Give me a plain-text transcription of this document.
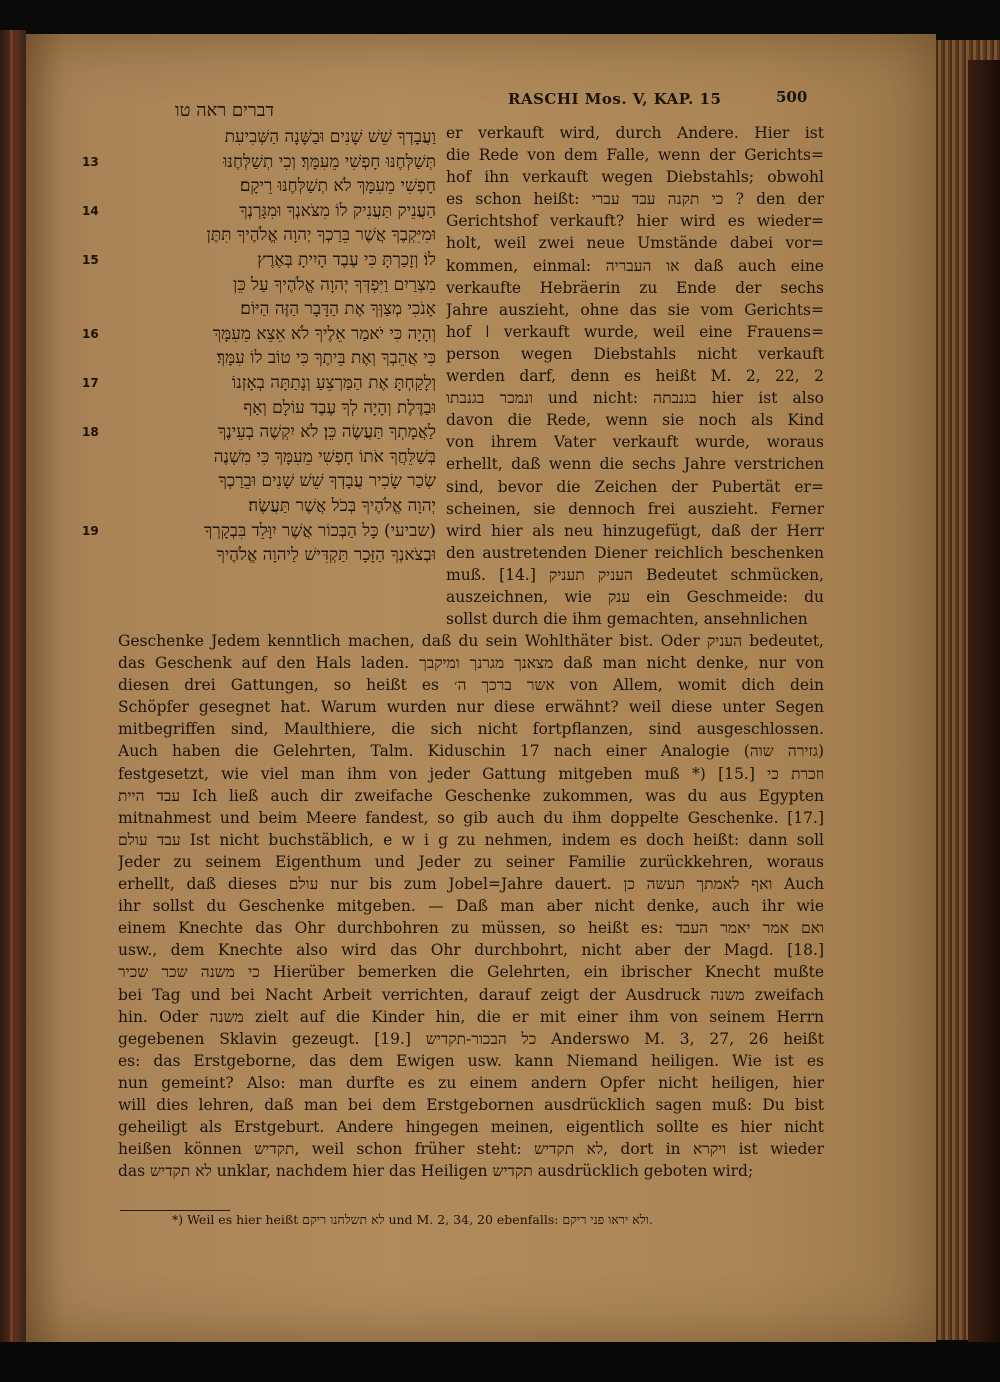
דברים ראה טו
RASCHI Mos. V, KAP. 15	500
13
14
15
16
17
18
19
וַעֲבָדְךָ שֵׁשׁ שָׁנִים וּבַשָּׁנָה הַשְּׁבִיעִת
תְּשַׁלְּחֶנּוּ חָפְשִׁי מֵעִמָּךְ׃ וְכִי תְשַׁלְּחֶנּוּ
חָפְשִׁי מֵעִמָּךְ לֹא תְשַׁלְּחֶנּוּ רֵיקָם׃
הַעֲנֵיק תַּעֲנִיק לוֹ מִצֹּאנְךָ וּמִגָּרְנְךָ
וּמִיִּקְבֶךָ אֲשֶׁר בֵּרַכְךָ יְהוָה אֱלֹהֶיךָ תִּתֶּן
לוֹ׃ וְזָכַרְתָּ כִּי עֶבֶד הָיִיתָ בְּאֶרֶץ
מִצְרַיִם וַיִּפְדְּךָ יְהוָה אֱלֹהֶיךָ עַל כֵּן
אָנֹכִי מְצַוְּךָ אֶת הַדָּבָר הַזֶּה הַיּוֹם׃
וְהָיָה כִּי יֹאמַר אֵלֶיךָ לֹא אֵצֵא מֵעִמָּךְ
כִּי אֲהֵבְךָ וְאֶת בֵּיתֶךָ כִּי טוֹב לוֹ עִמָּךְ׃
וְלָקַחְתָּ אֶת הַמַּרְצֵעַ וְנָתַתָּה בְאָזְנוֹ
וּבַדֶּלֶת וְהָיָה לְךָ עֶבֶד עוֹלָם וְאַף
לַאֲמָתְךָ תַּעֲשֶׂה כֵּן׃ לֹא יִקְשֶׁה בְעֵינֶךָ
בְּשַׁלֵּחֲךָ אֹתוֹ חָפְשִׁי מֵעִמָּךְ כִּי מִשְׁנֶה
שְׂכַר שָׂכִיר עֲבָדְךָ שֵׁשׁ שָׁנִים וּבֵרַכְךָ
יְהוָה אֱלֹהֶיךָ בְּכֹל אֲשֶׁר תַּעֲשֶׂה׃
(שביעי) כָּל הַבְּכוֹר אֲשֶׁר יִוָּלֵד בִּבְקָרְךָ
וּבְצֹאנְךָ הַזָּכָר תַּקְדִּישׁ לַיהוָה אֱלֹהֶיךָ
er verkauft wird, durch Andere. Hier ist
die Rede von dem Falle, wenn der Gerichts=
hof ihn verkauft wegen Diebstahls; obwohl
es schon heißt: כי תקנה עבד עברי ? den der
Gerichtshof verkauft? hier wird es wieder=
holt, weil zwei neue Umstände dabei vor=
kommen, einmal: או העבריה daß auch eine
verkaufte Hebräerin zu Ende der sechs
Jahre auszieht, ohne das sie vom Gerichts=
hof ǀ verkauft wurde, weil eine Frauens=
person wegen Diebstahls nicht verkauft
werden darf, denn es heißt M. 2, 22, 2
ונמכר בגנבתו und nicht: בגנבתה hier ist also
davon die Rede, wenn sie noch als Kind
von ihrem Vater verkauft wurde, woraus
erhellt, daß wenn die sechs Jahre verstrichen
sind, bevor die Zeichen der Pubertät er=
scheinen, sie dennoch frei auszieht. Ferner
wird hier als neu hinzugefügt, daß der Herr
den austretenden Diener reichlich beschenken
muß. [14.] העניק תעניק Bedeutet schmücken,
auszeichnen, wie ענק ein Geschmeide: du
sollst durch die ihm gemachten, ansehnlichen
Geschenke Jedem kenntlich machen, daß du sein Wohlthäter bist. Oder העניק bedeutet,
das Geschenk auf den Hals laden. מצאנך מגרנך ומיקבך daß man nicht denke, nur von
diesen drei Gattungen, so heißt es אשר ברכך ה׳ von Allem, womit dich dein
Schöpfer gesegnet hat. Warum wurden nur diese erwähnt? weil diese unter Segen
mitbegriffen sind, Maulthiere, die sich nicht fortpflanzen, sind ausgeschlossen.
Auch haben die Gelehrten, Talm. Kiduschin 17 nach einer Analogie (גזירה שוה)
festgesetzt, wie viel man ihm von jeder Gattung mitgeben muß *) [15.] וזכרת כי
עבד היית Ich ließ auch dir zweifache Geschenke zukommen, was du aus Egypten
mitnahmest und beim Meere fandest, so gib auch du ihm doppelte Geschenke. [17.]
עבד עולם Ist nicht buchstäblich, e w i g zu nehmen, indem es doch heißt: dann soll
Jeder zu seinem Eigenthum und Jeder zu seiner Familie zurückkehren, woraus
erhellt, daß dieses עולם nur bis zum Jobel=Jahre dauert. ואף לאמתך תעשה כן Auch
ihr sollst du Geschenke mitgeben. — Daß man aber nicht denke, auch ihr wie
einem Knechte das Ohr durchbohren zu müssen, so heißt es: ואם אמר יאמר העבד
usw., dem Knechte also wird das Ohr durchbohrt, nicht aber der Magd. [18.]
כי משנה שכר שכיר Hierüber bemerken die Gelehrten, ein ibrischer Knecht mußte
bei Tag und bei Nacht Arbeit verrichten, darauf zeigt der Ausdruck משנה zweifach
hin. Oder משנה zielt auf die Kinder hin, die er mit einer ihm von seinem Herrn
gegebenen Sklavin gezeugt. [19.] כל הבכור-תקדיש Anderswo M. 3, 27, 26 heißt
es: das Erstgeborne, das dem Ewigen usw. kann Niemand heiligen. Wie ist es
nun gemeint? Also: man durfte es zu einem andern Opfer nicht heiligen, hier
will dies lehren, daß man bei dem Erstgebornen ausdrücklich sagen muß: Du bist
geheiligt als Erstgeburt. Andere hingegen meinen, eigentlich sollte es hier nicht
heißen können תקדיש, weil schon früher steht: לא תקדיש, dort in ויקרא ist wieder
das לא תקדיש unklar, nachdem hier das Heiligen תקדיש ausdrücklich geboten wird;
*) Weil es hier heißt לא תשלחנו ריקם und M. 2, 34, 20 ebenfalls: ולא יראו פני ריקם.
